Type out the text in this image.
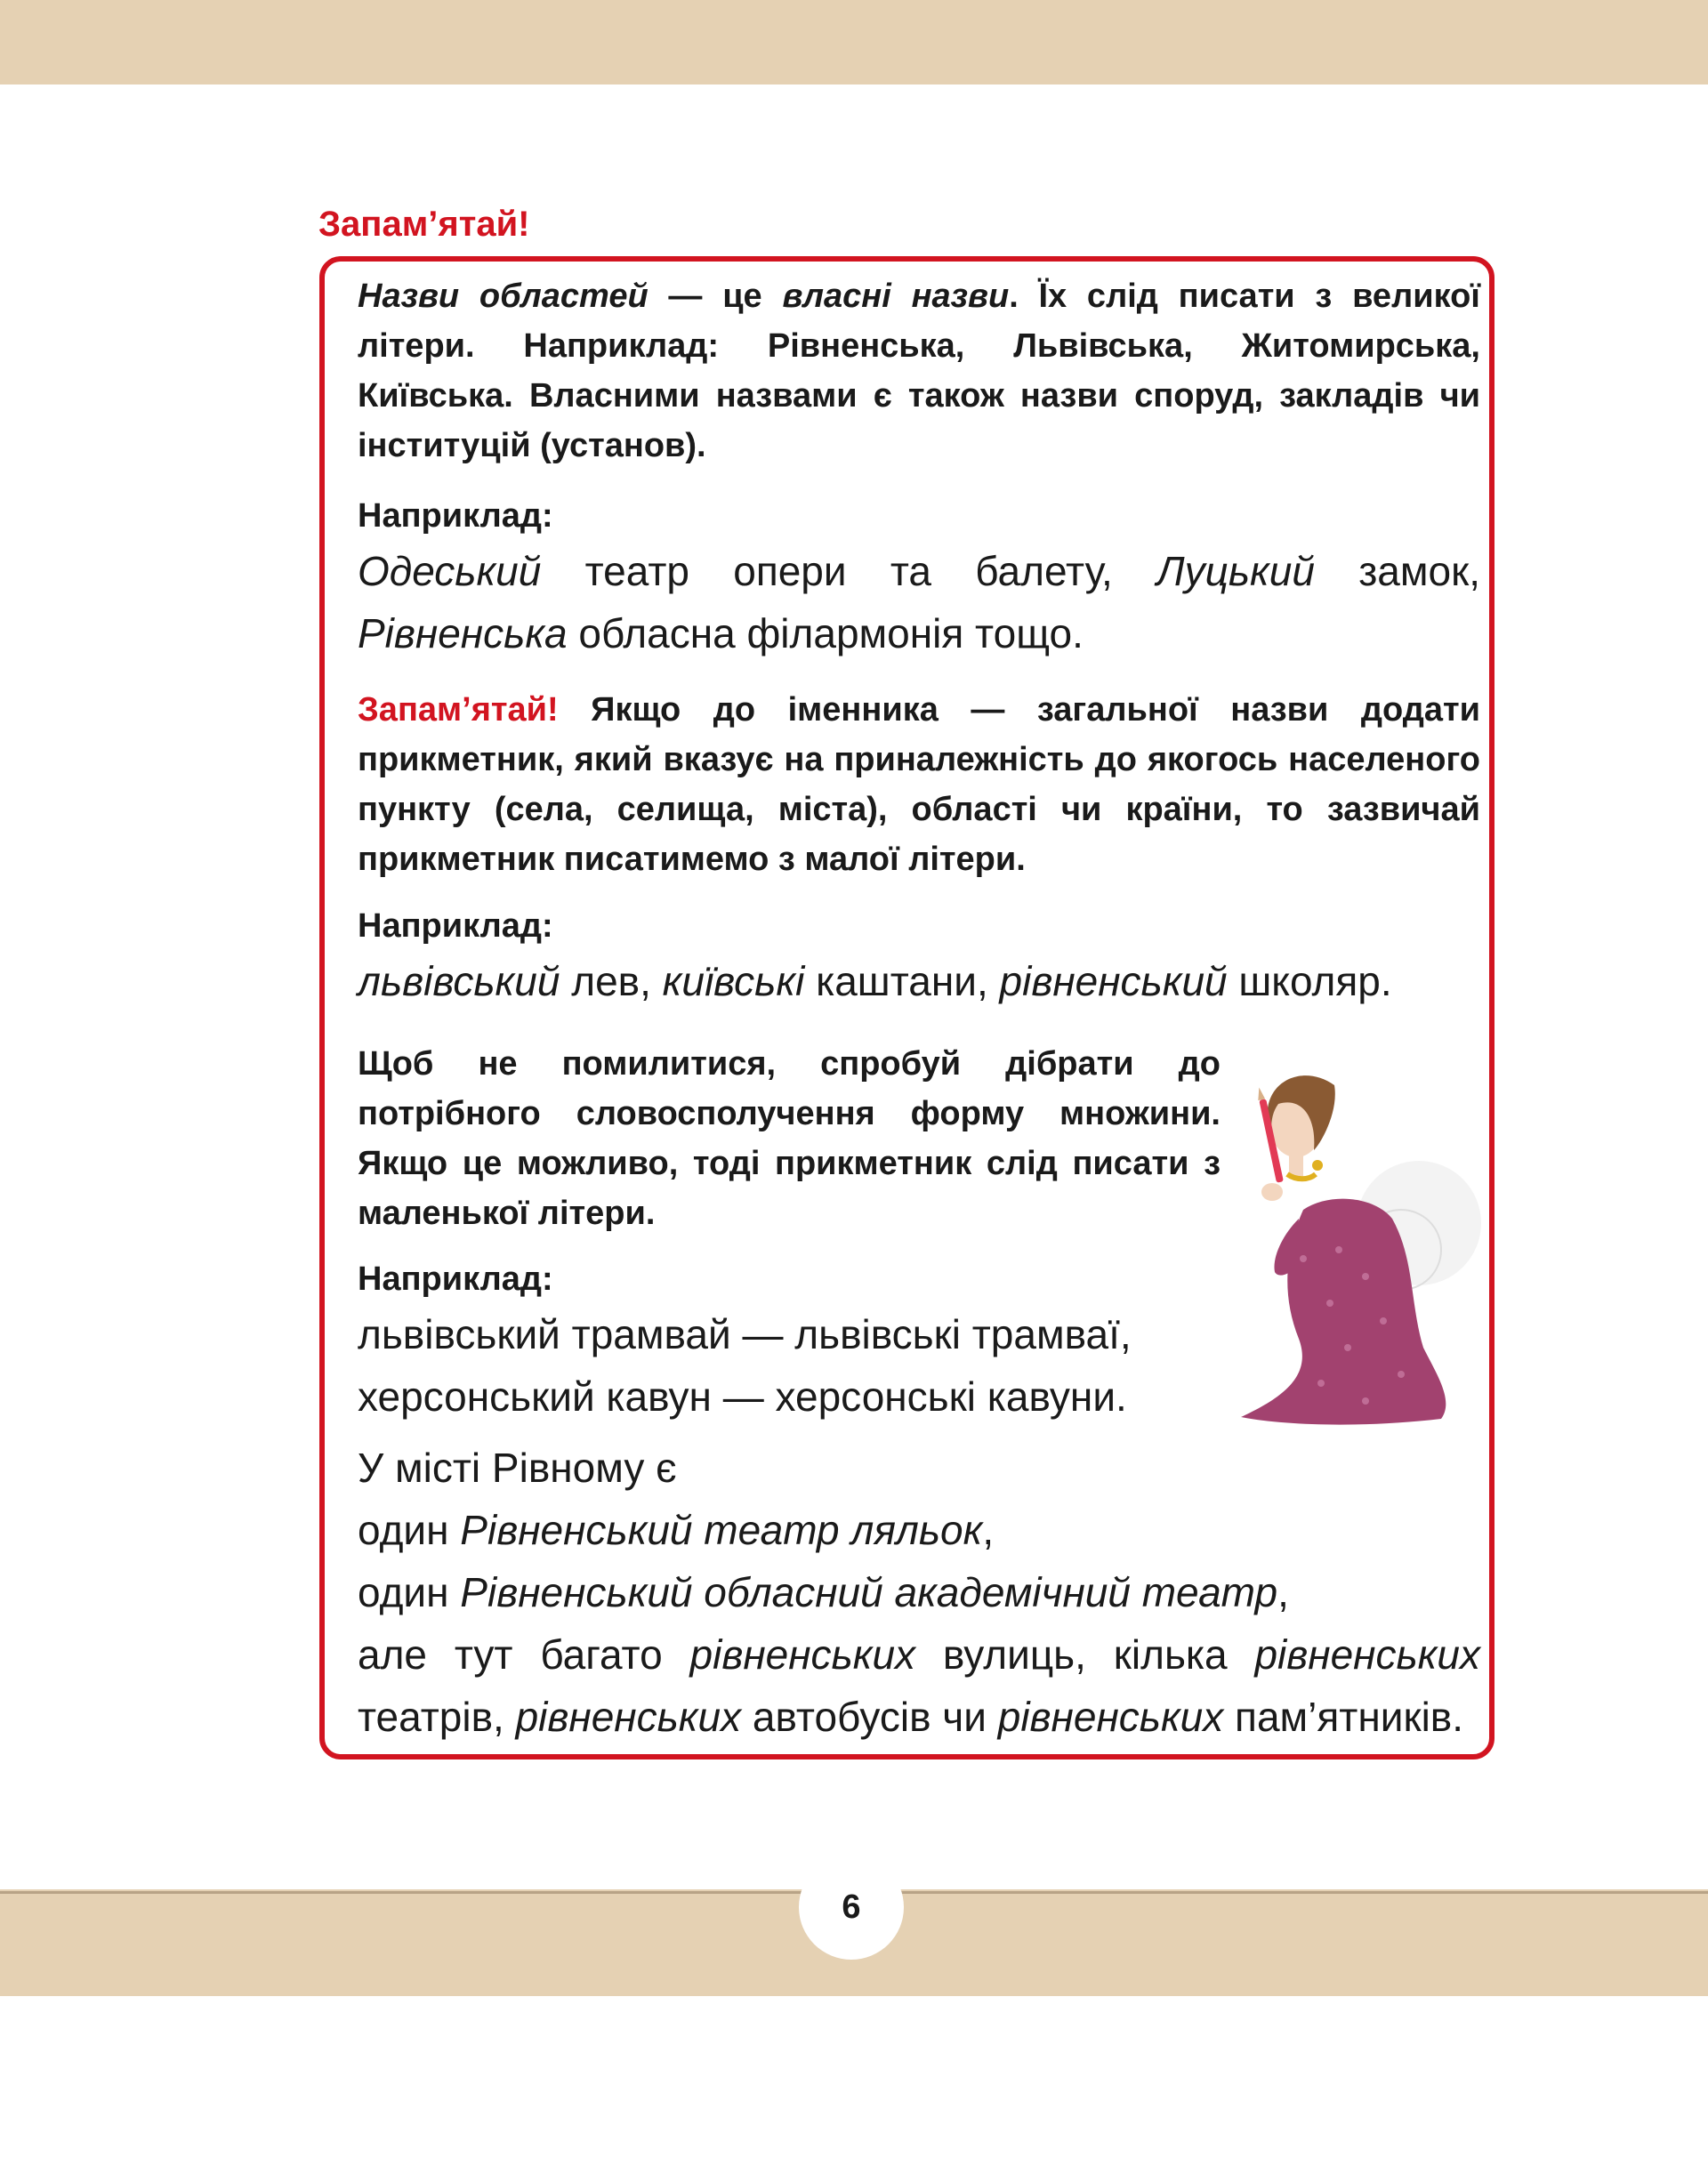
Запам’ятай!

Назви областей — це власні назви. Їх слід писати з великої літери. Наприклад: Рівненська, Львівська, Житомирська, Київська. Власними назвами є також назви споруд, закладів чи інституцій (установ).

Наприклад:

Одеський театр опери та балету, Луцький замок, Рівненська обласна філармонія тощо.

Запам’ятай! Якщо до іменника — загальної назви додати прикметник, який вказує на приналежність до якогось населеного пункту (села, селища, міста), області чи країни, то зазвичай прикметник писатимемо з малої літери.

Наприклад:

львівський лев, київські каштани, рівненський школяр.

Щоб не помилитися, спробуй дібрати до потрібного словосполучення форму множини. Якщо це можливо, тоді прикметник слід писати з маленької літери.

Наприклад:

львівський трамвай — львівські трамваї,
херсонський кавун — херсонські кавуни.
У місті Рівному є
один Рівненський театр ляльок,
один Рівненський обласний академічний театр,
але тут багато рівненських вулиць, кілька рівненських театрів, рівненських автобусів чи рівненських пам’ятників.
6
